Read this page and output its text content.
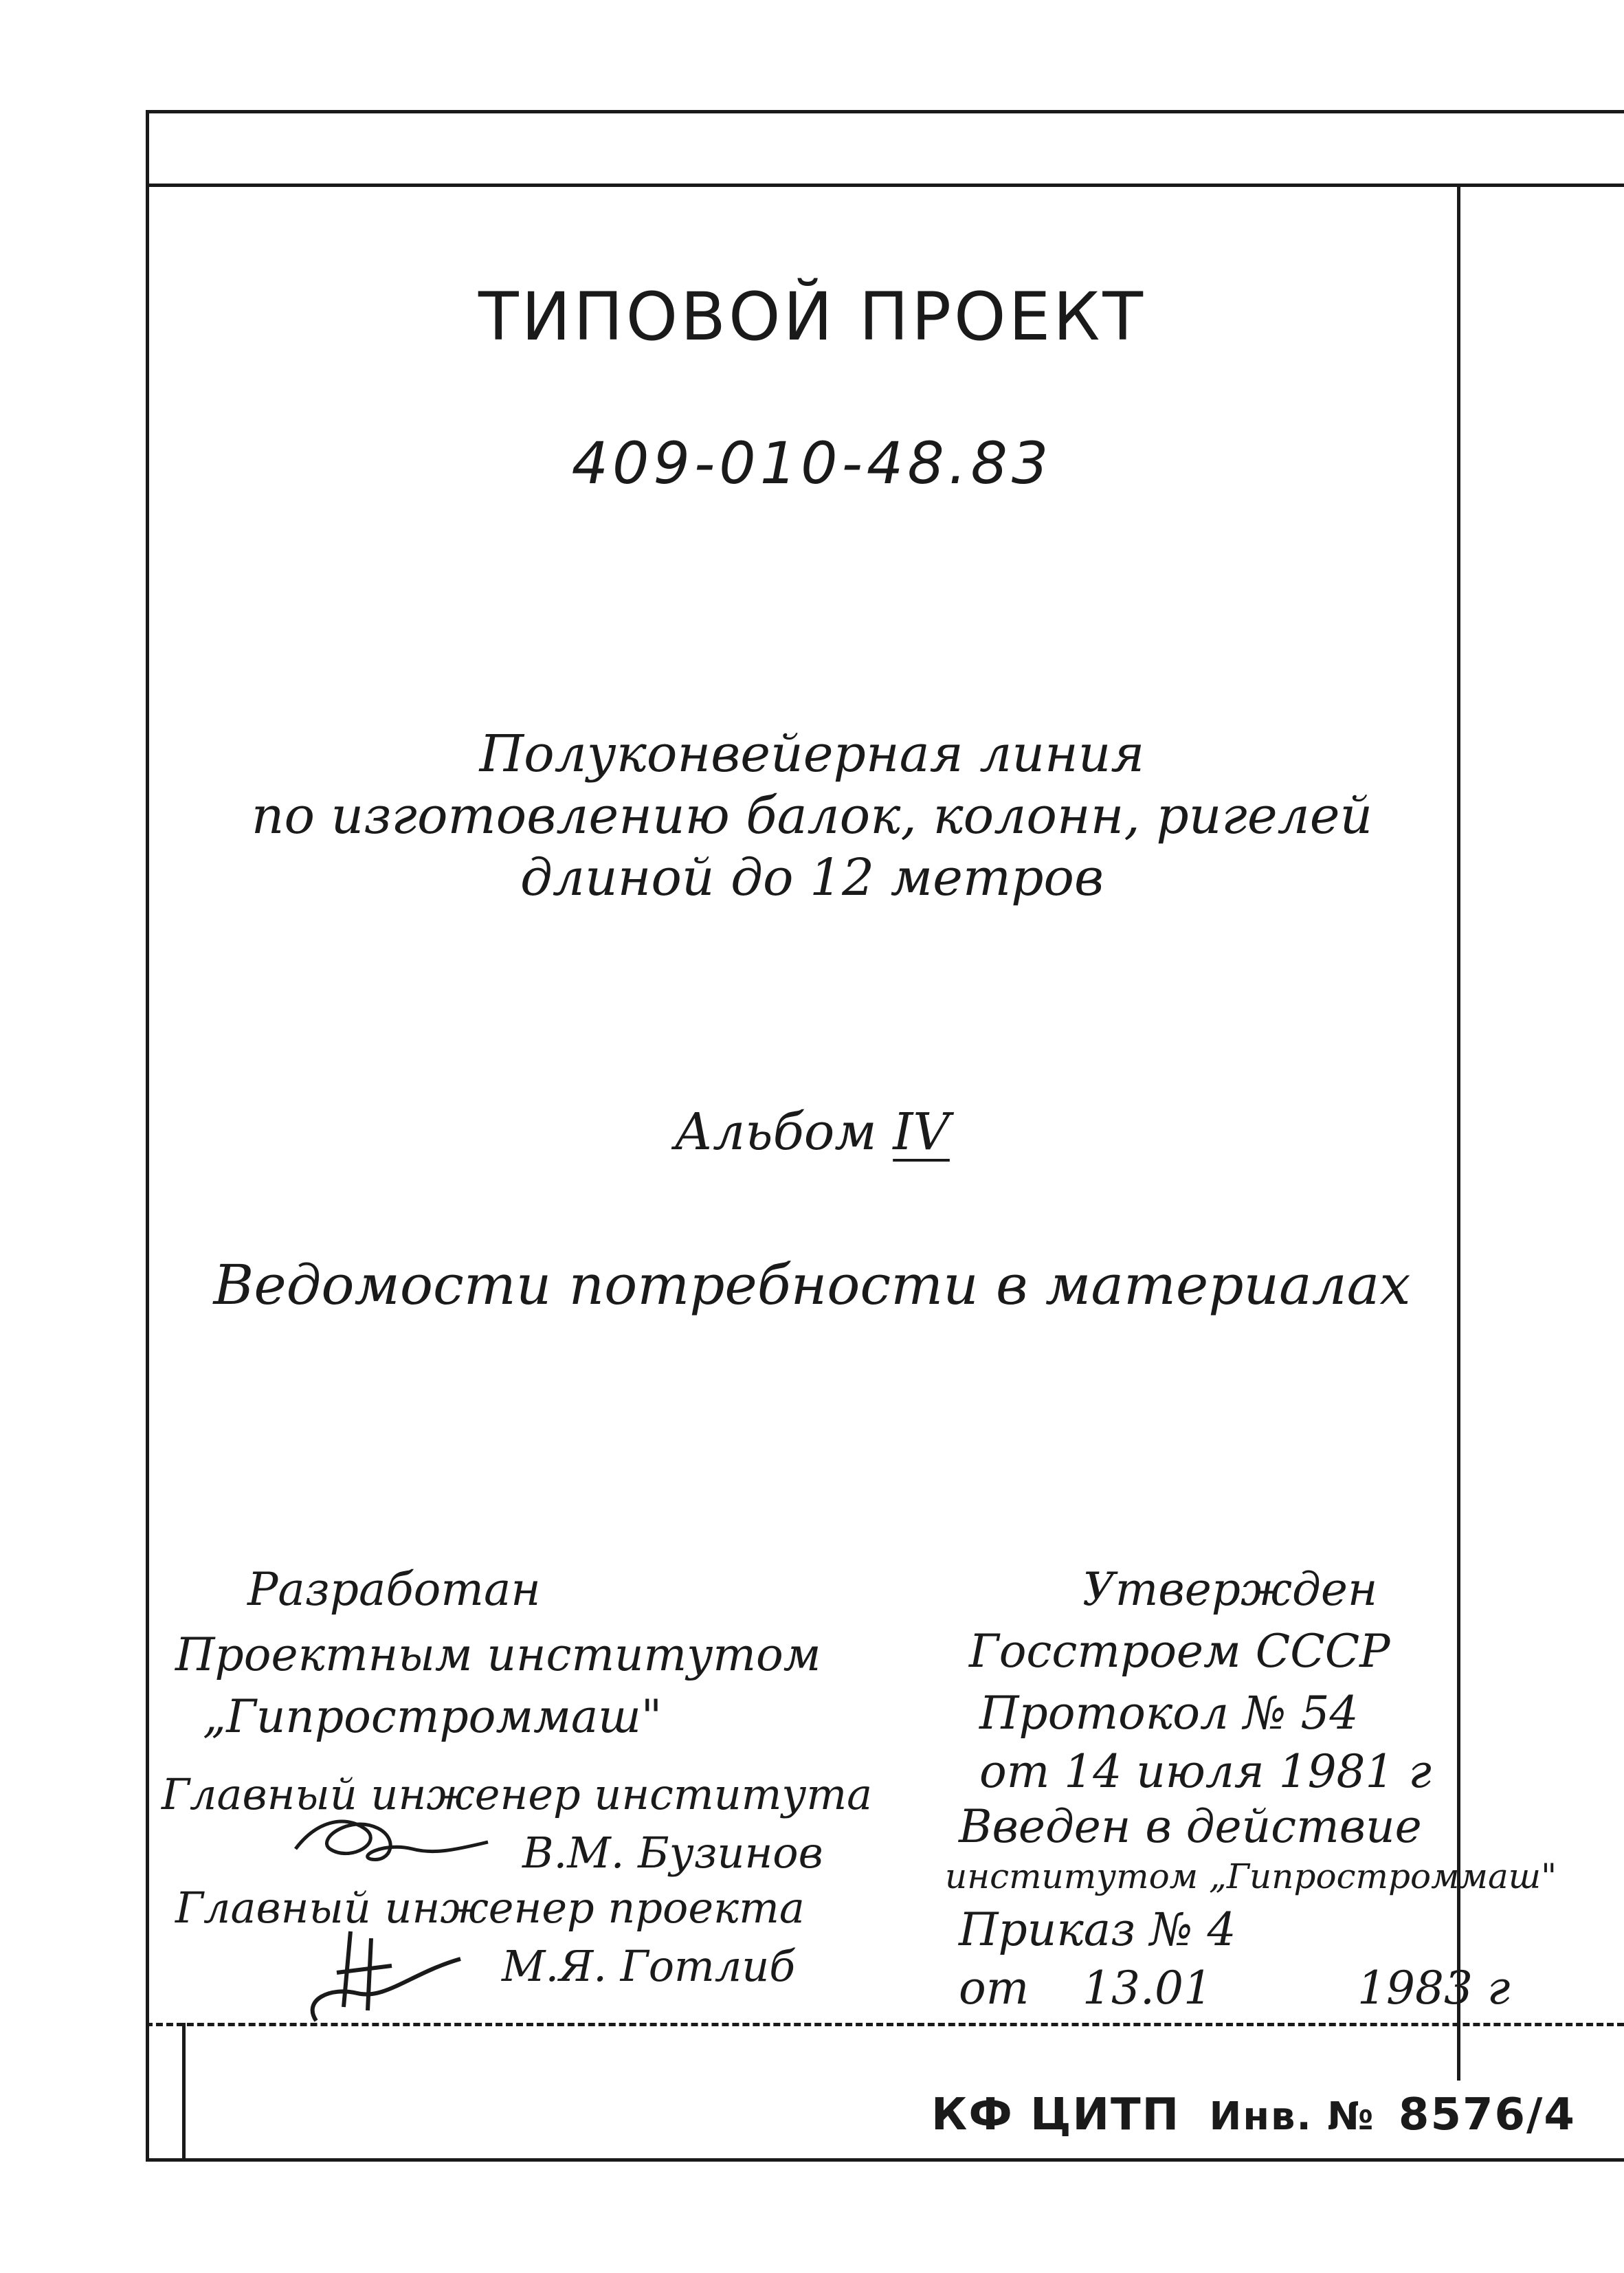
ТИПОВОЙ ПРОЕКТ
409-010-48.83
Полуконвейерная линия
по изготовлению балок, колонн, ригелей
длиной до 12 метров
Альбом IV
Ведомости потребности в материалах
Разработан
Проектным институтом
„Гипростроммаш"
Главный инженер института
В.М. Бузинов
Главный инженер проекта
М.Я. Готлиб
Утвержден
Госстроем СССР
Протокол № 54
от 14 июля 1981 г
Введен в действие
институтом „Гипростроммаш"
Приказ № 4
от 13.01	1983 г
КФ ЦИТП Инв. № 8576/4
